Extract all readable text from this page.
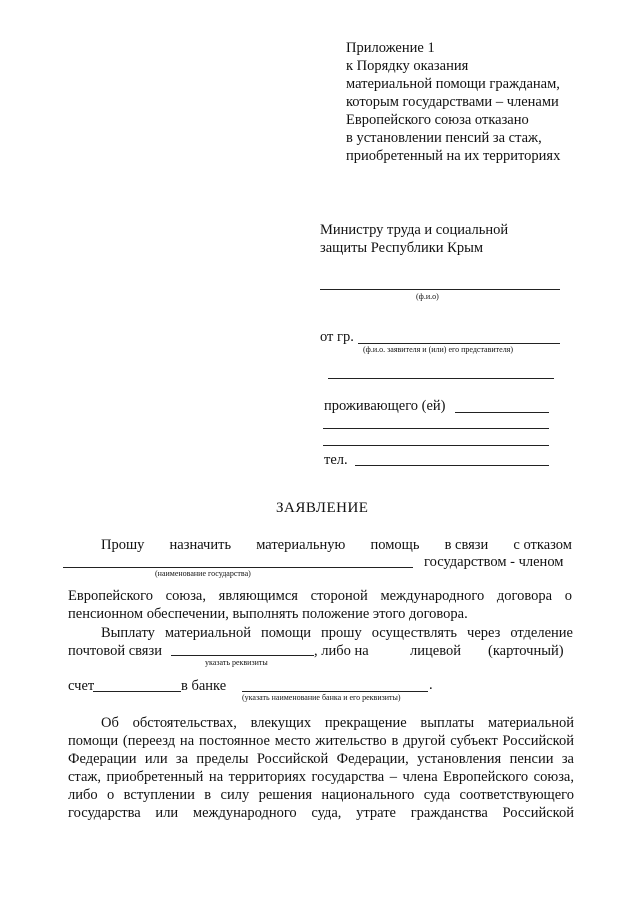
Приложение 1
к Порядку оказания
материальной помощи гражданам,
которым государствами – членами
Европейского союза отказано
в установлении пенсий за стаж,
приобретенный на их территориях
Министру труда и социальной
защиты Республики Крым
(ф.и.о)
от гр.
(ф.и.о. заявителя и (или) его представителя)
проживающего (ей)
тел.
ЗАЯВЛЕНИЕ
Прошу назначить материальную помощь в связи с отказом
государством - членом
(наименование государства)
Европейского союза, являющимся стороной международного договора о
пенсионном обеспечении, выполнять положение этого договора.
Выплату материальной помощи прошу осуществлять через отделение
почтовой связи	, либо на	лицевой (карточный)
указать реквизиты
счет	в банке	.
(указать наименование банка и его реквизиты)
Об обстоятельствах, влекущих прекращение выплаты материальной
помощи (переезд на постоянное место жительство в другой субъект Российской
Федерации или за пределы Российской Федерации, установления пенсии за
стаж, приобретенный на территориях государства – члена Европейского союза,
либо о вступлении в силу решения национального суда соответствующего
государства или международного суда, утрате гражданства Российской
